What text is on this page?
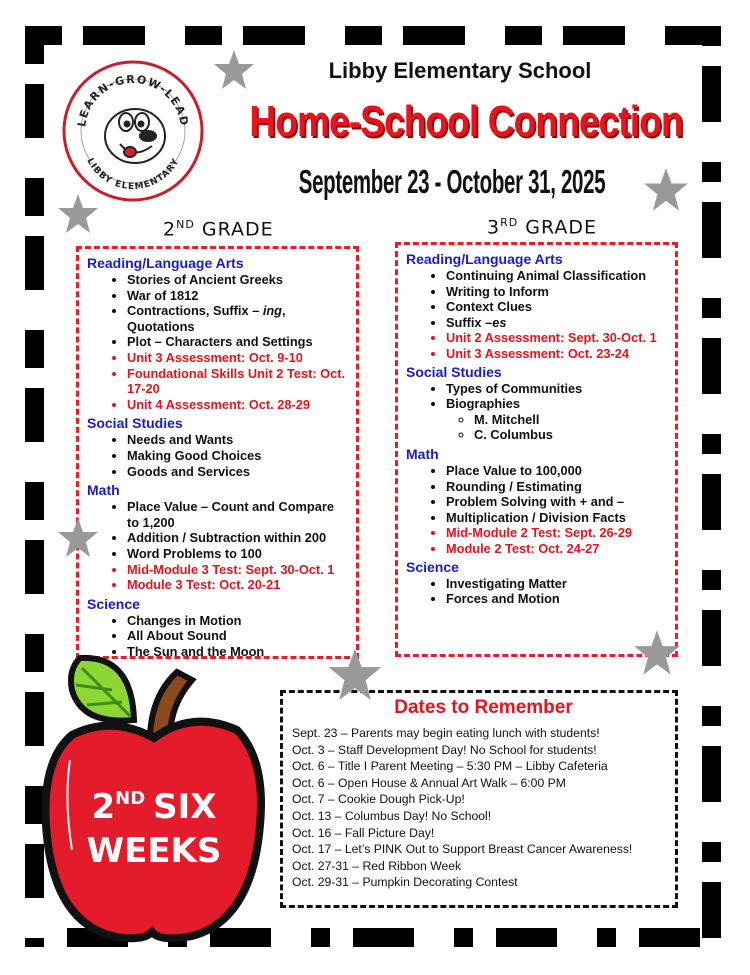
LEARN-GROW-LEAD
LIBBY ELEMENTARY
Libby Elementary School
Home-School Connection
September 23 - October 31, 2025
2ND GRADE	3RD GRADE
Reading/Language Arts
• Stories of Ancient Greeks
• War of 1812
• Contractions, Suffix – ing, Quotations
• Plot – Characters and Settings
• Unit 3 Assessment: Oct. 9-10
• Foundational Skills Unit 2 Test: Oct. 17-20
• Unit 4 Assessment: Oct. 28-29
Social Studies
• Needs and Wants
• Making Good Choices
• Goods and Services
Math
• Place Value – Count and Compare to 1,200
• Addition / Subtraction within 200
• Word Problems to 100
• Mid-Module 3 Test: Sept. 30-Oct. 1
• Module 3 Test: Oct. 20-21
Science
• Changes in Motion
• All About Sound
• The Sun and the Moon
Reading/Language Arts
• Continuing Animal Classification
• Writing to Inform
• Context Clues
• Suffix –es
• Unit 2 Assessment: Sept. 30-Oct. 1
• Unit 3 Assessment: Oct. 23-24
Social Studies
• Types of Communities
• Biographies
◦ M. Mitchell
◦ C. Columbus
Math
• Place Value to 100,000
• Rounding / Estimating
• Problem Solving with + and –
• Multiplication / Division Facts
• Mid-Module 2 Test: Sept. 26-29
• Module 2 Test: Oct. 24-27
Science
• Investigating Matter
• Forces and Motion
Dates to Remember
Sept. 23 – Parents may begin eating lunch with students!
Oct. 3 – Staff Development Day! No School for students!
Oct. 6 – Title I Parent Meeting – 5:30 PM – Libby Cafeteria
Oct. 6 – Open House & Annual Art Walk – 6:00 PM
Oct. 7 – Cookie Dough Pick-Up!
Oct. 13 – Columbus Day! No School!
Oct. 16 – Fall Picture Day!
Oct. 17 – Let’s PINK Out to Support Breast Cancer Awareness!
Oct. 27-31 – Red Ribbon Week
Oct. 29-31 – Pumpkin Decorating Contest
2ND SIX
WEEKS
